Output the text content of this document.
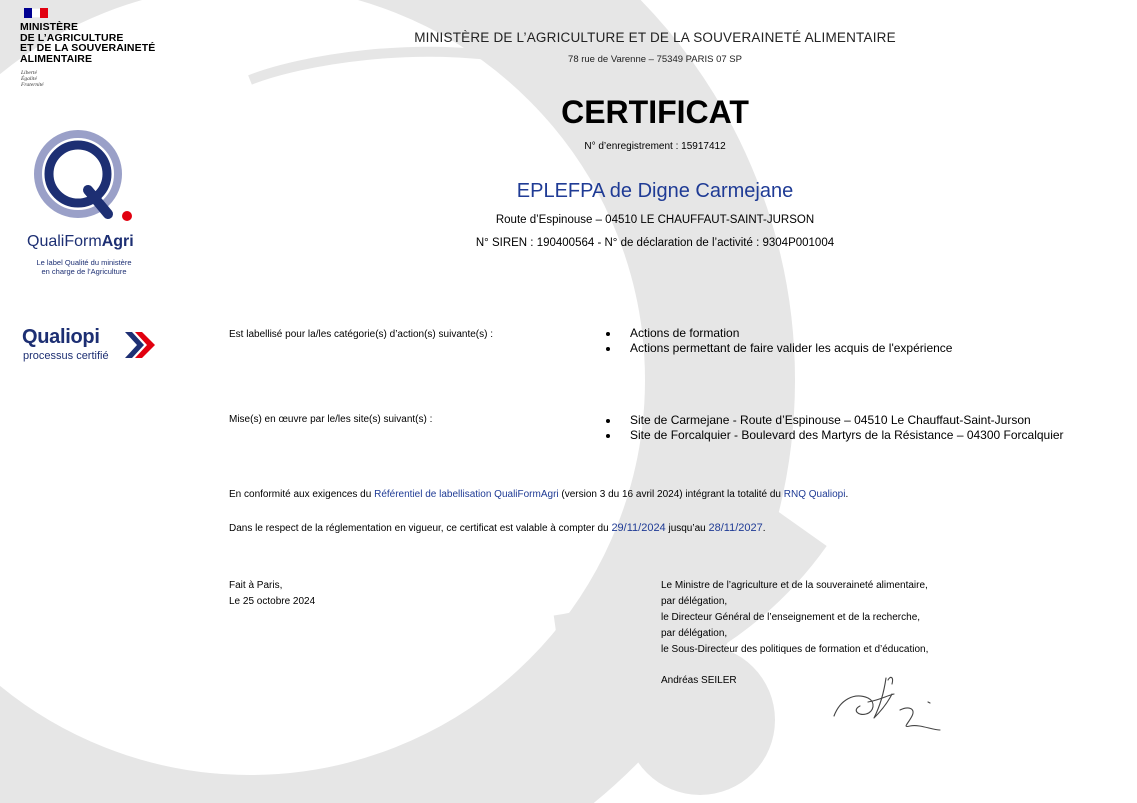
MINISTÈRE
DE L’AGRICULTURE
ET DE LA SOUVERAINETÉ
ALIMENTAIRE
Liberté
Égalité
Fraternité
QualiFormAgri
Le label Qualité du ministère
en charge de l’Agriculture
Qualiopi
processus certifié
MINISTÈRE DE L’AGRICULTURE ET DE LA SOUVERAINETÉ ALIMENTAIRE
78 rue de Varenne – 75349 PARIS 07 SP
CERTIFICAT
N° d’enregistrement : 15917412
EPLEFPA de Digne Carmejane
Route d’Espinouse – 04510 LE CHAUFFAUT-SAINT-JURSON
N° SIREN : 190400564 - N° de déclaration de l’activité : 9304P001004
Est labellisé pour la/les catégorie(s) d’action(s) suivante(s) :	Actions de formation
Actions permettant de faire valider les acquis de l'expérience
Mise(s) en œuvre par le/les site(s) suivant(s) :	Site de Carmejane - Route d’Espinouse – 04510 Le Chauffaut-Saint-Jurson
Site de Forcalquier - Boulevard des Martyrs de la Résistance – 04300 Forcalquier
En conformité aux exigences du Référentiel de labellisation QualiFormAgri (version 3 du 16 avril 2024) intégrant la totalité du RNQ Qualiopi.
Dans le respect de la réglementation en vigueur, ce certificat est valable à compter du 29/11/2024 jusqu’au 28/11/2027.
Fait à Paris,
Le 25 octobre 2024
Le Ministre de l’agriculture et de la souveraineté alimentaire,
par délégation,
le Directeur Général de l’enseignement et de la recherche,
par délégation,
le Sous-Directeur des politiques de formation et d’éducation,
Andréas SEILER
